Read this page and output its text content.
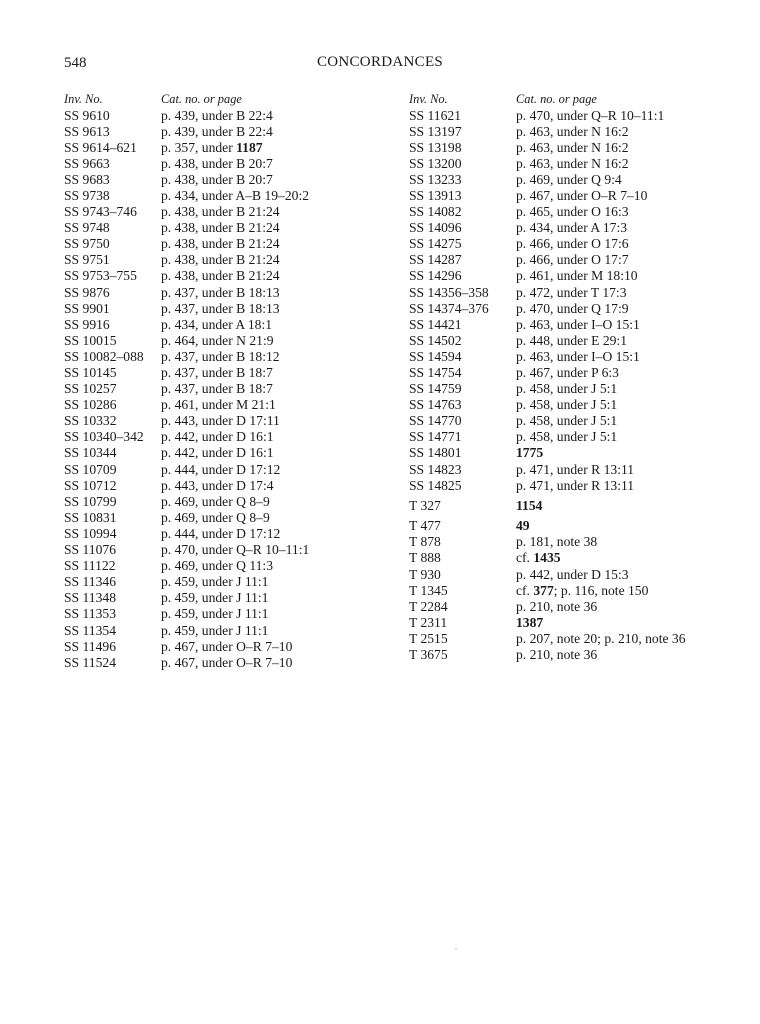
548	CONCORDANCES
Inv. No.	Cat. no. or page
SS 9610	p. 439, under B 22:4
SS 9613	p. 439, under B 22:4
SS 9614–621	p. 357, under 1187
SS 9663	p. 438, under B 20:7
SS 9683	p. 438, under B 20:7
SS 9738	p. 434, under A–B 19–20:2
SS 9743–746	p. 438, under B 21:24
SS 9748	p. 438, under B 21:24
SS 9750	p. 438, under B 21:24
SS 9751	p. 438, under B 21:24
SS 9753–755	p. 438, under B 21:24
SS 9876	p. 437, under B 18:13
SS 9901	p. 437, under B 18:13
SS 9916	p. 434, under A 18:1
SS 10015	p. 464, under N 21:9
SS 10082–088	p. 437, under B 18:12
SS 10145	p. 437, under B 18:7
SS 10257	p. 437, under B 18:7
SS 10286	p. 461, under M 21:1
SS 10332	p. 443, under D 17:11
SS 10340–342	p. 442, under D 16:1
SS 10344	p. 442, under D 16:1
SS 10709	p. 444, under D 17:12
SS 10712	p. 443, under D 17:4
SS 10799	p. 469, under Q 8–9
SS 10831	p. 469, under Q 8–9
SS 10994	p. 444, under D 17:12
SS 11076	p. 470, under Q–R 10–11:1
SS 11122	p. 469, under Q 11:3
SS 11346	p. 459, under J 11:1
SS 11348	p. 459, under J 11:1
SS 11353	p. 459, under J 11:1
SS 11354	p. 459, under J 11:1
SS 11496	p. 467, under O–R 7–10
SS 11524	p. 467, under O–R 7–10
Inv. No.	Cat. no. or page
SS 11621	p. 470, under Q–R 10–11:1
SS 13197	p. 463, under N 16:2
SS 13198	p. 463, under N 16:2
SS 13200	p. 463, under N 16:2
SS 13233	p. 469, under Q 9:4
SS 13913	p. 467, under O–R 7–10
SS 14082	p. 465, under O 16:3
SS 14096	p. 434, under A 17:3
SS 14275	p. 466, under O 17:6
SS 14287	p. 466, under O 17:7
SS 14296	p. 461, under M 18:10
SS 14356–358	p. 472, under T 17:3
SS 14374–376	p. 470, under Q 17:9
SS 14421	p. 463, under I–O 15:1
SS 14502	p. 448, under E 29:1
SS 14594	p. 463, under I–O 15:1
SS 14754	p. 467, under P 6:3
SS 14759	p. 458, under J 5:1
SS 14763	p. 458, under J 5:1
SS 14770	p. 458, under J 5:1
SS 14771	p. 458, under J 5:1
SS 14801	1775
SS 14823	p. 471, under R 13:11
SS 14825	p. 471, under R 13:11
T 327	1154
T 477	49
T 878	p. 181, note 38
T 888	cf. 1435
T 930	p. 442, under D 15:3
T 1345	cf. 377; p. 116, note 150
T 2284	p. 210, note 36
T 2311	1387
T 2515	p. 207, note 20; p. 210, note 36
T 3675	p. 210, note 36
